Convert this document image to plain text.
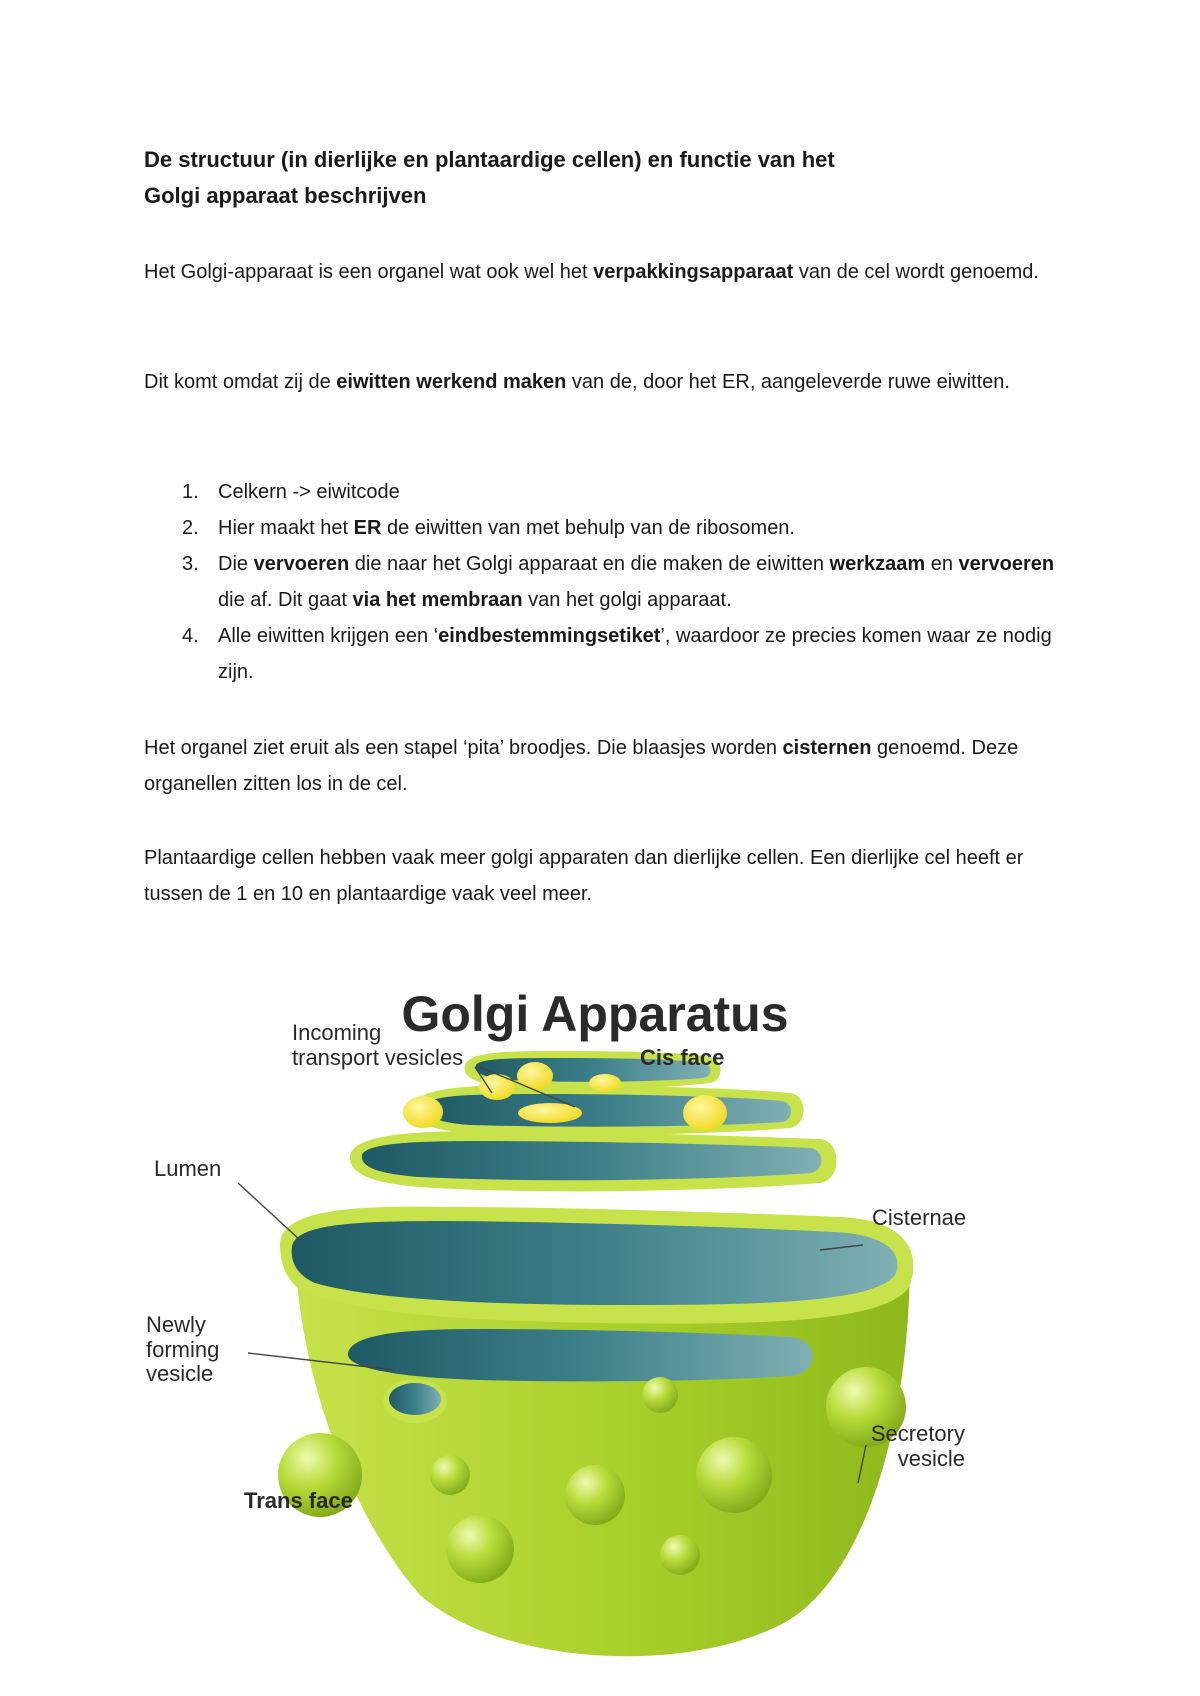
De structuur (in dierlijke en plantaardige cellen) en functie van het
Golgi apparaat beschrijven

Het Golgi-apparaat is een organel wat ook wel het verpakkingsapparaat van de cel wordt genoemd.

Dit komt omdat zij de eiwitten werkend maken van de, door het ER, aangeleverde ruwe eiwitten.

1. Celkern -> eiwitcode
2. Hier maakt het ER de eiwitten van met behulp van de ribosomen.
3. Die vervoeren die naar het Golgi apparaat en die maken de eiwitten werkzaam en vervoeren die af. Dit gaat via het membraan van het golgi apparaat.
4. Alle eiwitten krijgen een ‘eindbestemmingsetiket’, waardoor ze precies komen waar ze nodig zijn.

Het organel ziet eruit als een stapel ‘pita’ broodjes. Die blaasjes worden cisternen genoemd. Deze organellen zitten los in de cel.

Plantaardige cellen hebben vaak meer golgi apparaten dan dierlijke cellen. Een dierlijke cel heeft er tussen de 1 en 10 en plantaardige vaak veel meer.

Golgi Apparatus
Incoming
transport vesicles	Cis face
Lumen
Cisternae
Newly
forming
vesicle
Secretory
vesicle
Trans face
